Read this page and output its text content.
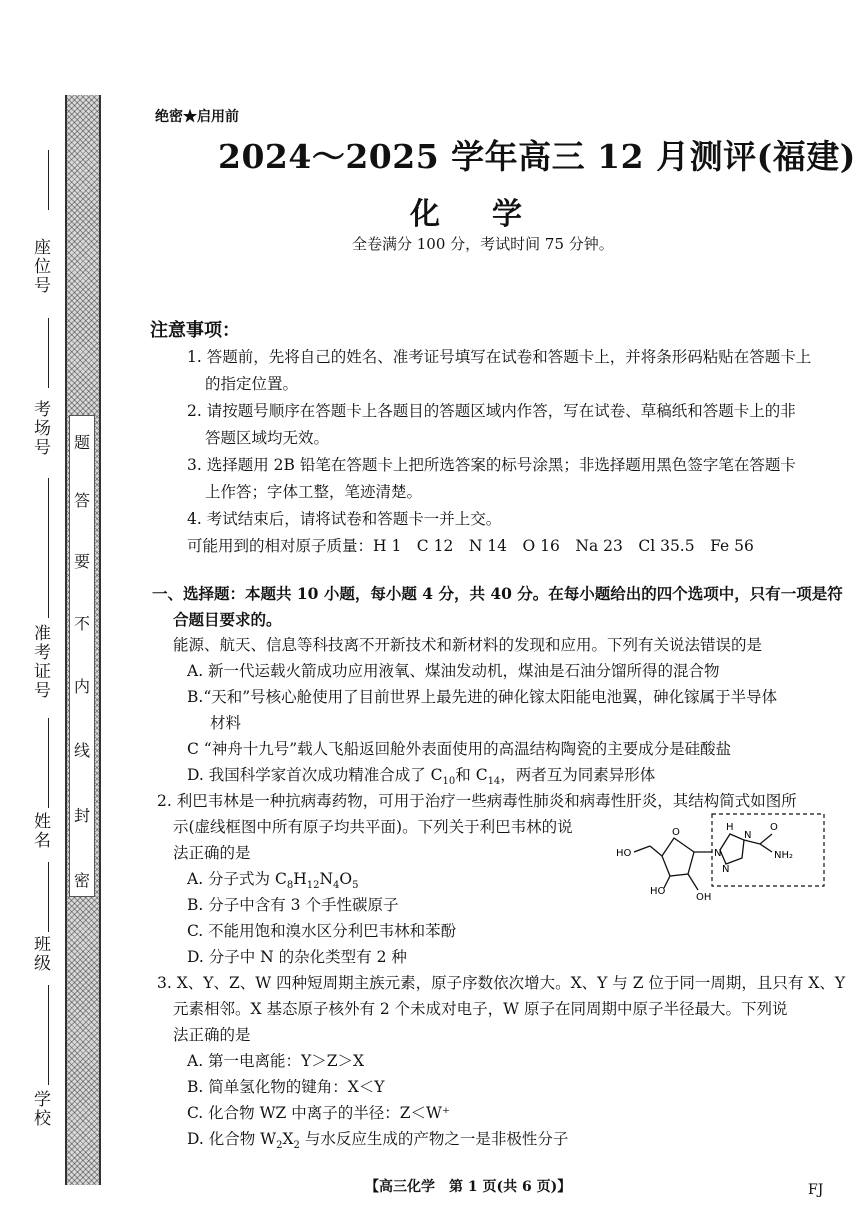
座位号
考场号
准考证号
姓名
班级
学校
密
封
线
内
不
要
答
题
绝密★启用前
2024～2025 学年高三 12 月测评(福建)
化学
全卷满分 100 分，考试时间 75 分钟。
注意事项：
1. 答题前，先将自己的姓名、准考证号填写在试卷和答题卡上，并将条形码粘贴在答题卡上
的指定位置。
2. 请按题号顺序在答题卡上各题目的答题区域内作答，写在试卷、草稿纸和答题卡上的非
答题区域均无效。
3. 选择题用 2B 铅笔在答题卡上把所选答案的标号涂黑；非选择题用黑色签字笔在答题卡
上作答；字体工整，笔迹清楚。
4. 考试结束后，请将试卷和答题卡一并上交。
可能用到的相对原子质量：H 1　C 12　N 14　O 16　Na 23　Cl 35.5　Fe 56
一、选择题：本题共 10 小题，每小题 4 分，共 40 分。在每小题给出的四个选项中，只有一项是符
合题目要求的。
能源、航天、信息等科技离不开新技术和新材料的发现和应用。下列有关说法错误的是
A. 新一代运载火箭成功应用液氧、煤油发动机，煤油是石油分馏所得的混合物
B.“天和”号核心舱使用了目前世界上最先进的砷化镓太阳能电池翼，砷化镓属于半导体
材料
C “神舟十九号”载人飞船返回舱外表面使用的高温结构陶瓷的主要成分是硅酸盐
D. 我国科学家首次成功精准合成了 $C_{10}$和 $C_{14}$，两者互为同素异形体
2. 利巴韦林是一种抗病毒药物，可用于治疗一些病毒性肺炎和病毒性肝炎，其结构简式如图所
示(虚线框图中所有原子均共平面)。下列关于利巴韦林的说
法正确的是
A. 分子式为 $C_8H_{12}N_4O_5$
B. 分子中含有 3 个手性碳原子
C. 不能用饱和溴水区分利巴韦林和苯酚
D. 分子中 N 的杂化类型有 2 种
HO
HO
OH
O	H
N
N
N
O
NH₂
3. X、Y、Z、W 四种短周期主族元素，原子序数依次增大。X、Y 与 Z 位于同一周期，且只有 X、Y
元素相邻。X 基态原子核外有 2 个未成对电子，W 原子在同周期中原子半径最大。下列说
法正确的是
A. 第一电离能：Y＞Z＞X
B. 简单氢化物的键角：X＜Y
C. 化合物 WZ 中离子的半径：Z＜W⁺
D. 化合物 $W_2X_2$ 与水反应生成的产物之一是非极性分子
【高三化学　第 1 页(共 6 页)】	FJ
